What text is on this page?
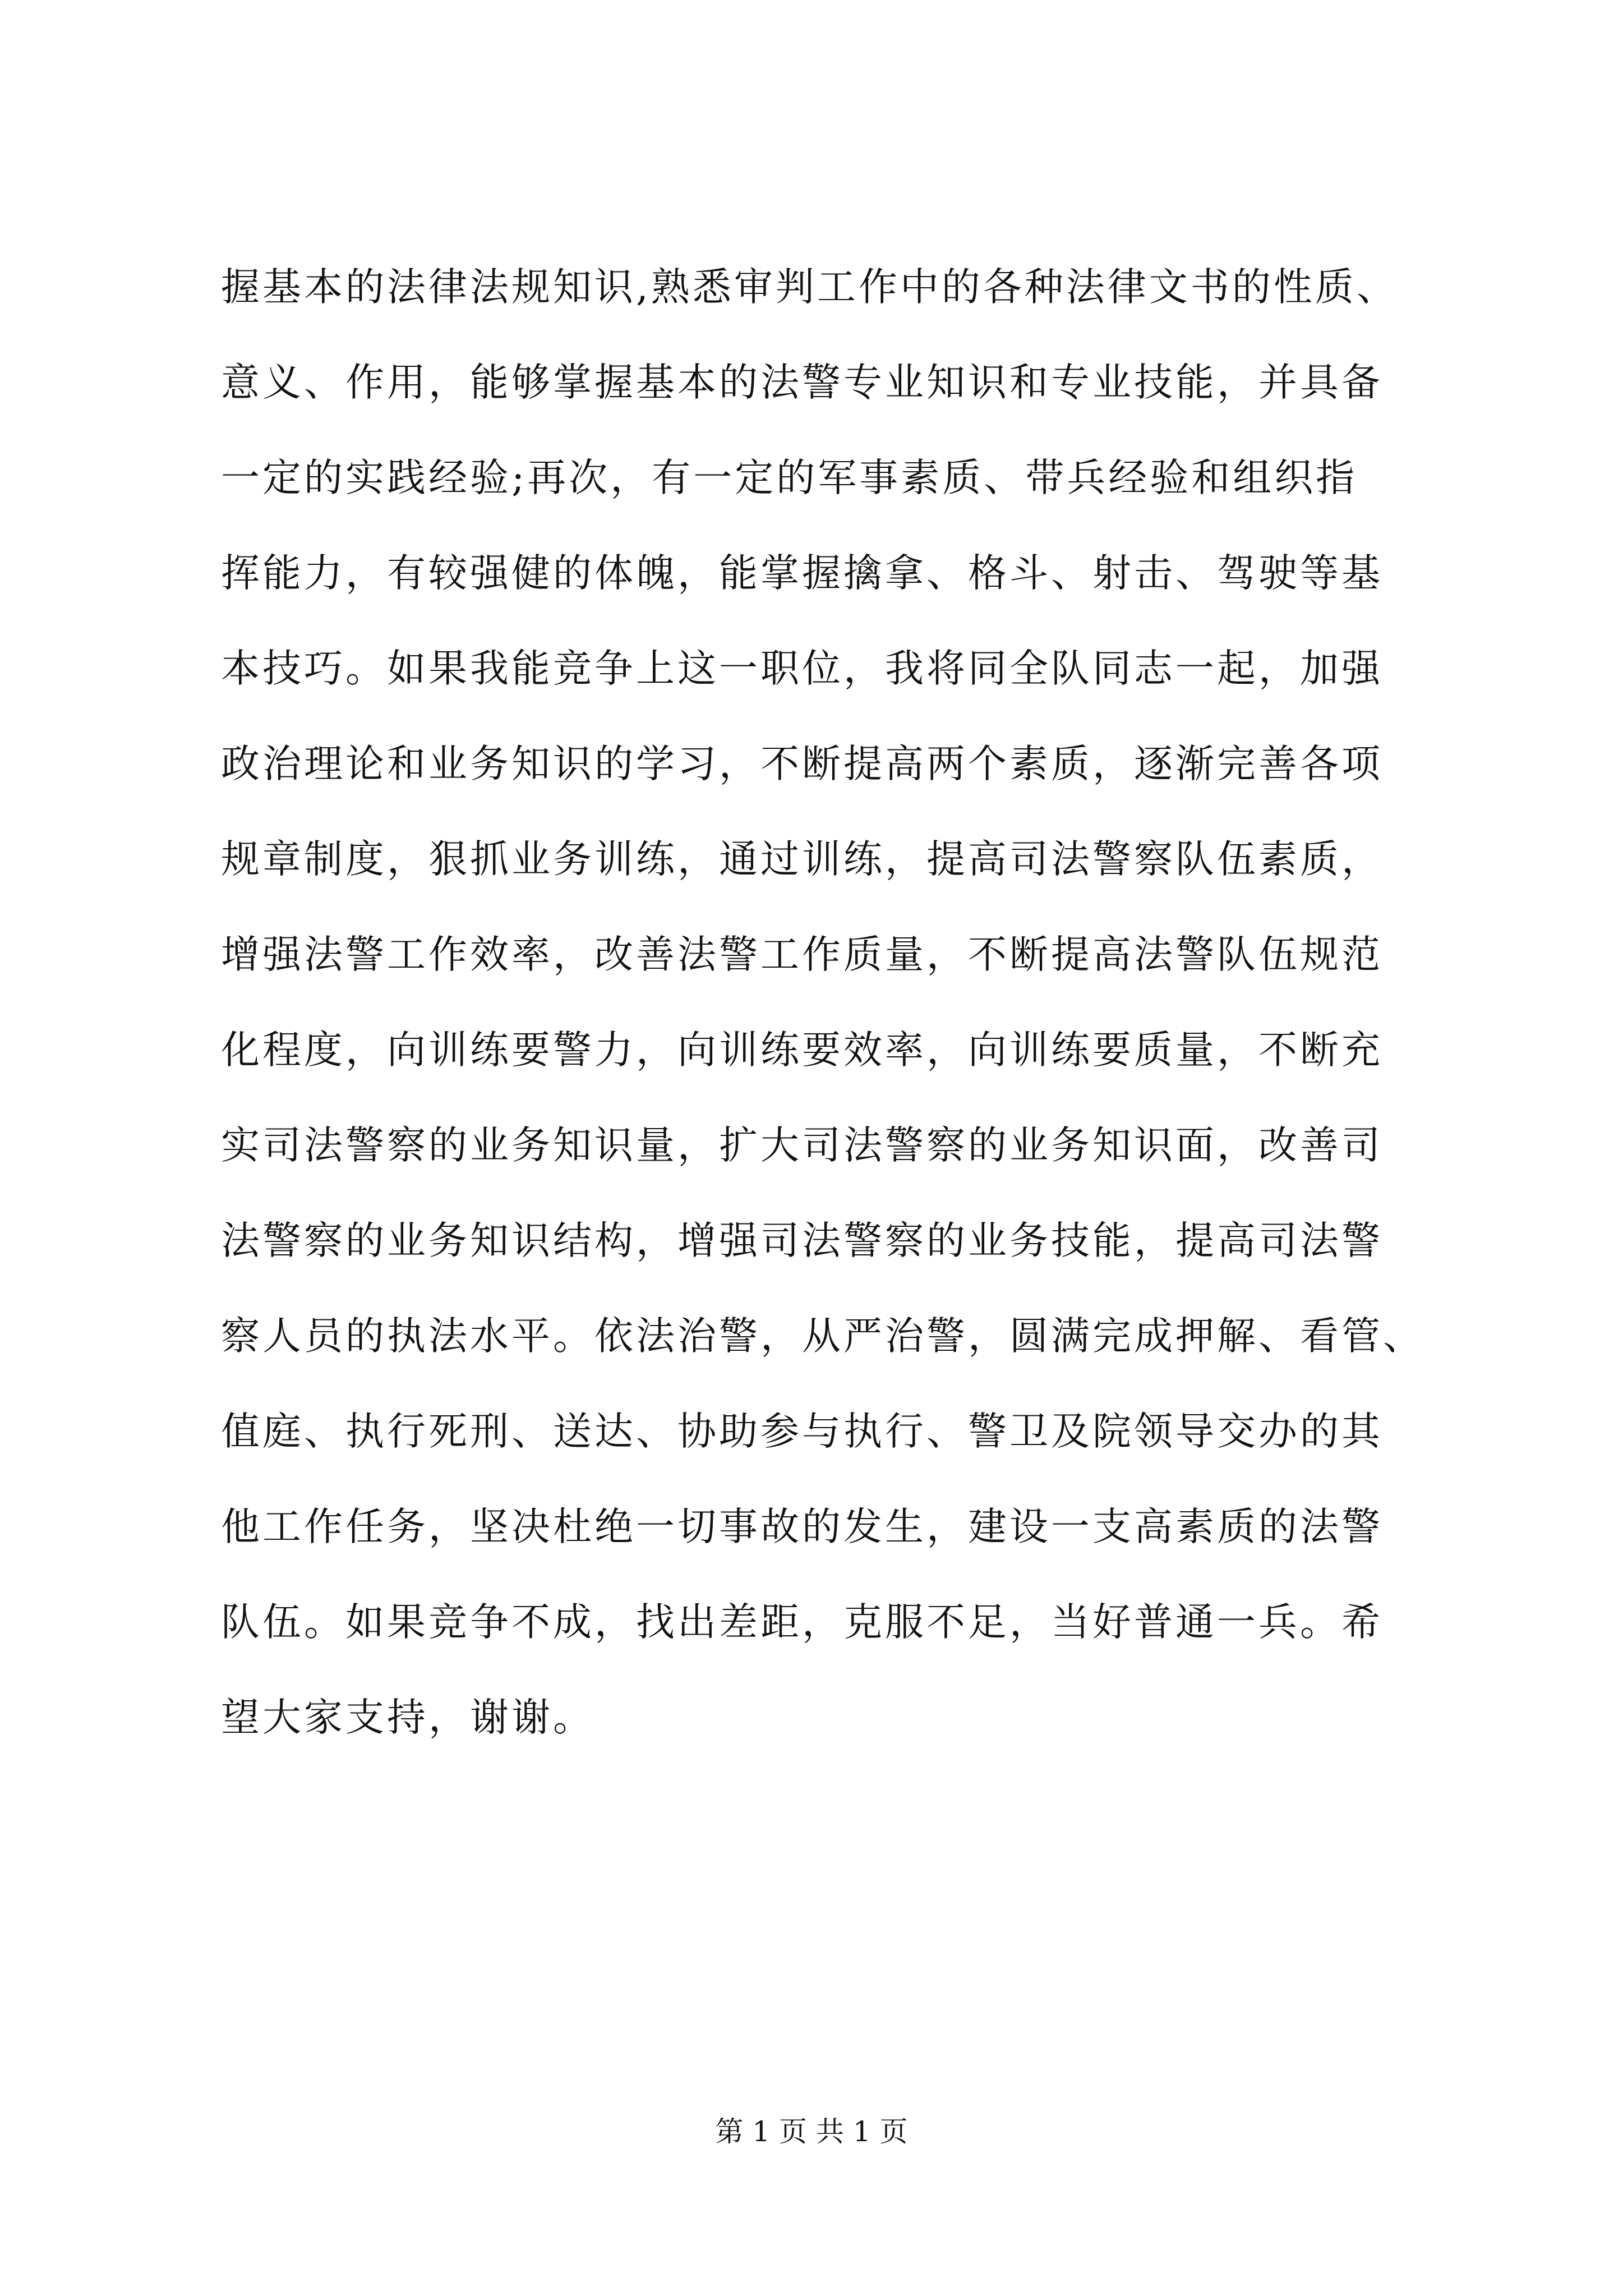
握基本的法律法规知识,熟悉审判工作中的各种法律文书的性质、
意义、作用，能够掌握基本的法警专业知识和专业技能，并具备
一定的实践经验;再次，有一定的军事素质、带兵经验和组织指
挥能力，有较强健的体魄，能掌握擒拿、格斗、射击、驾驶等基
本技巧。如果我能竞争上这一职位，我将同全队同志一起，加强
政治理论和业务知识的学习，不断提高两个素质，逐渐完善各项
规章制度，狠抓业务训练，通过训练，提高司法警察队伍素质，
增强法警工作效率，改善法警工作质量，不断提高法警队伍规范
化程度，向训练要警力，向训练要效率，向训练要质量，不断充
实司法警察的业务知识量，扩大司法警察的业务知识面，改善司
法警察的业务知识结构，增强司法警察的业务技能，提高司法警
察人员的执法水平。依法治警，从严治警，圆满完成押解、看管、
值庭、执行死刑、送达、协助参与执行、警卫及院领导交办的其
他工作任务，坚决杜绝一切事故的发生，建设一支高素质的法警
队伍。如果竞争不成，找出差距，克服不足，当好普通一兵。希
望大家支持，谢谢。
第 1 页 共 1 页
